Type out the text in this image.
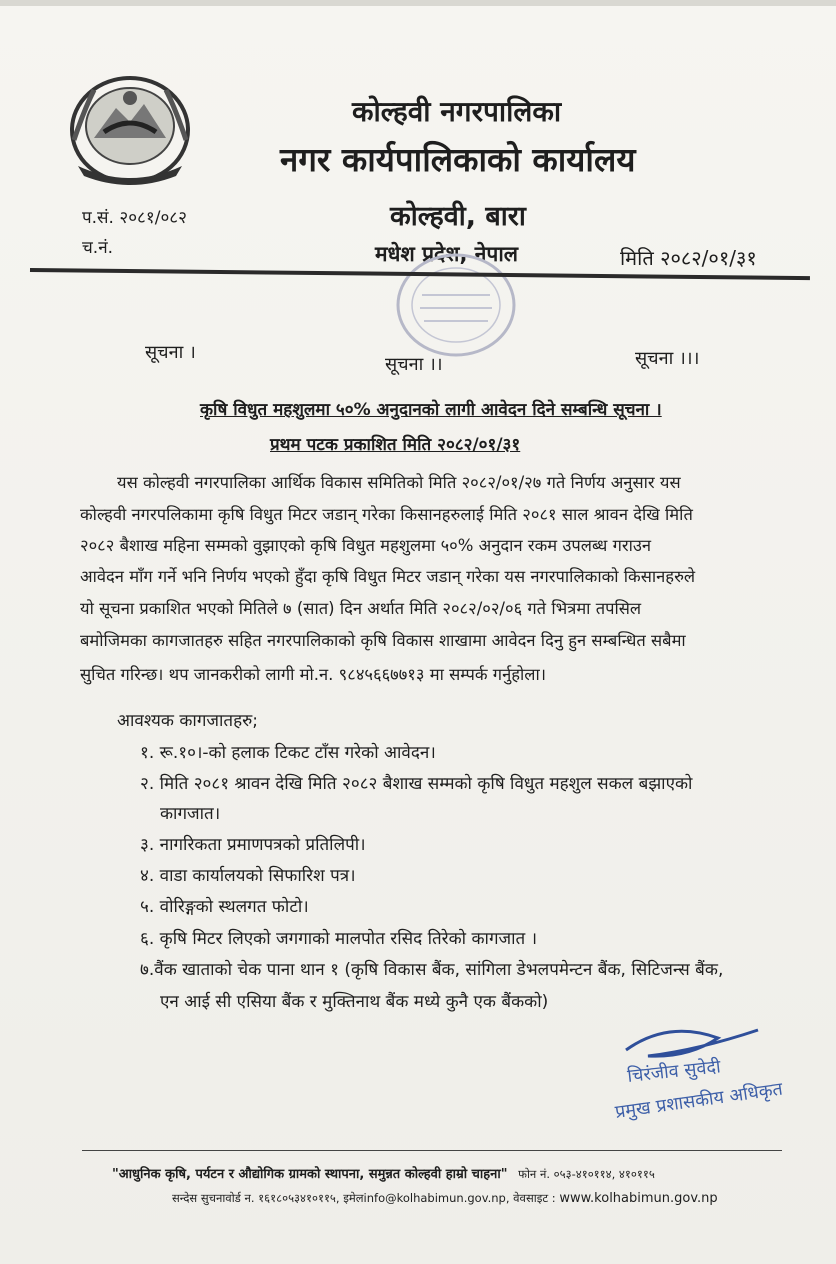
प.सं. २०८१/०८२
च.नं.
कोल्हवी नगरपालिका
नगर कार्यपालिकाको कार्यालय
कोल्हवी, बारा
मधेश प्रदेश, नेपाल	मिति २०८२/०१/३१
सूचना ।
सूचना ।।	सूचना ।।।
कृषि विधुत महशुलमा ५०% अनुदानको लागी आवेदन दिने सम्बन्धि सूचना ।
प्रथम पटक प्रकाशित मिति २०८२/०१/३१
यस कोल्हवी नगरपालिका आर्थिक विकास समितिको मिति २०८२/०१/२७ गते निर्णय अनुसार यस
कोल्हवी नगरपलिकामा कृषि विधुत मिटर जडान् गरेका किसानहरुलाई मिति २०८१ साल श्रावन देखि मिति
२०८२ बैशाख महिना सम्मको वुझाएको कृषि विधुत महशुलमा ५०% अनुदान रकम उपलब्ध गराउन
आवेदन माँग गर्ने भनि निर्णय भएको हुँदा कृषि विधुत मिटर जडान् गरेका यस नगरपालिकाको किसानहरुले
यो सूचना प्रकाशित भएको मितिले ७ (सात) दिन अर्थात मिति २०८२/०२/०६ गते भित्रमा तपसिल
बमोजिमका कागजातहरु सहित नगरपालिकाको कृषि विकास शाखामा आवेदन दिनु हुन सम्बन्धित सबैमा
सुचित गरिन्छ। थप जानकरीको लागी मो.न. ९८४५६६७७१३ मा सम्पर्क गर्नुहोला।
आवश्यक कागजातहरु;
१. रू.१०।-को हलाक टिकट टाँस गरेको आवेदन।
२. मिति २०८१ श्रावन देखि मिति २०८२ बैशाख सम्मको कृषि विधुत महशुल सकल बझाएको
कागजात।
३. नागरिकता प्रमाणपत्रको प्रतिलिपी।
४. वाडा कार्यालयको सिफारिश पत्र।
५. वोरिङ्गको स्थलगत फोटो।
६. कृषि मिटर लिएको जगगाको मालपोत रसिद तिरेको कागजात ।
७.वैंक खाताको चेक पाना थान १ (कृषि विकास बैंक, सांगिला डेभलपमेन्टन बैंक, सिटिजन्स बैंक,
एन आई सी एसिया बैंक र मुक्तिनाथ बैंक मध्ये कुनै एक बैंकको)
चिरंजीव सुवेदी
प्रमुख प्रशासकीय अधिकृत
"आधुनिक कृषि, पर्यटन र औद्योगिक ग्रामको स्थापना, समुन्नत कोल्हवी हाम्रो चाहना" फोन नं. ०५३-४१०११४, ४१०११५
सन्देस सुचनावोर्ड न. १६१८०५३४१०११५, इमेलinfo@kolhabimun.gov.np, वेवसाइट : www.kolhabimun.gov.np
